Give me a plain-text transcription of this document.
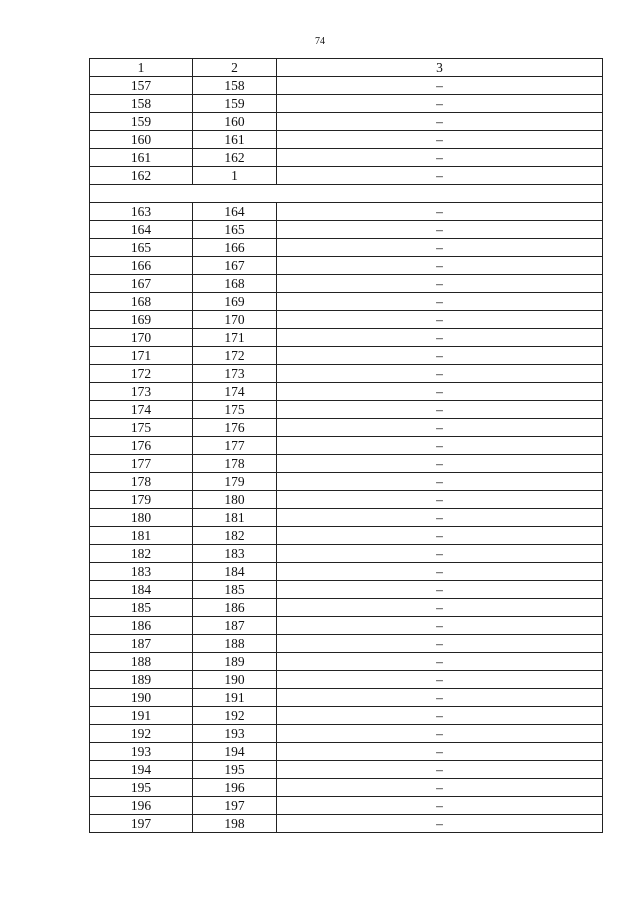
74
1	2	3
157	158	–
158	159	–
159	160	–
160	161	–
161	162	–
162	1	–

163	164	–
164	165	–
165	166	–
166	167	–
167	168	–
168	169	–
169	170	–
170	171	–
171	172	–
172	173	–
173	174	–
174	175	–
175	176	–
176	177	–
177	178	–
178	179	–
179	180	–
180	181	–
181	182	–
182	183	–
183	184	–
184	185	–
185	186	–
186	187	–
187	188	–
188	189	–
189	190	–
190	191	–
191	192	–
192	193	–
193	194	–
194	195	–
195	196	–
196	197	–
197	198	–
